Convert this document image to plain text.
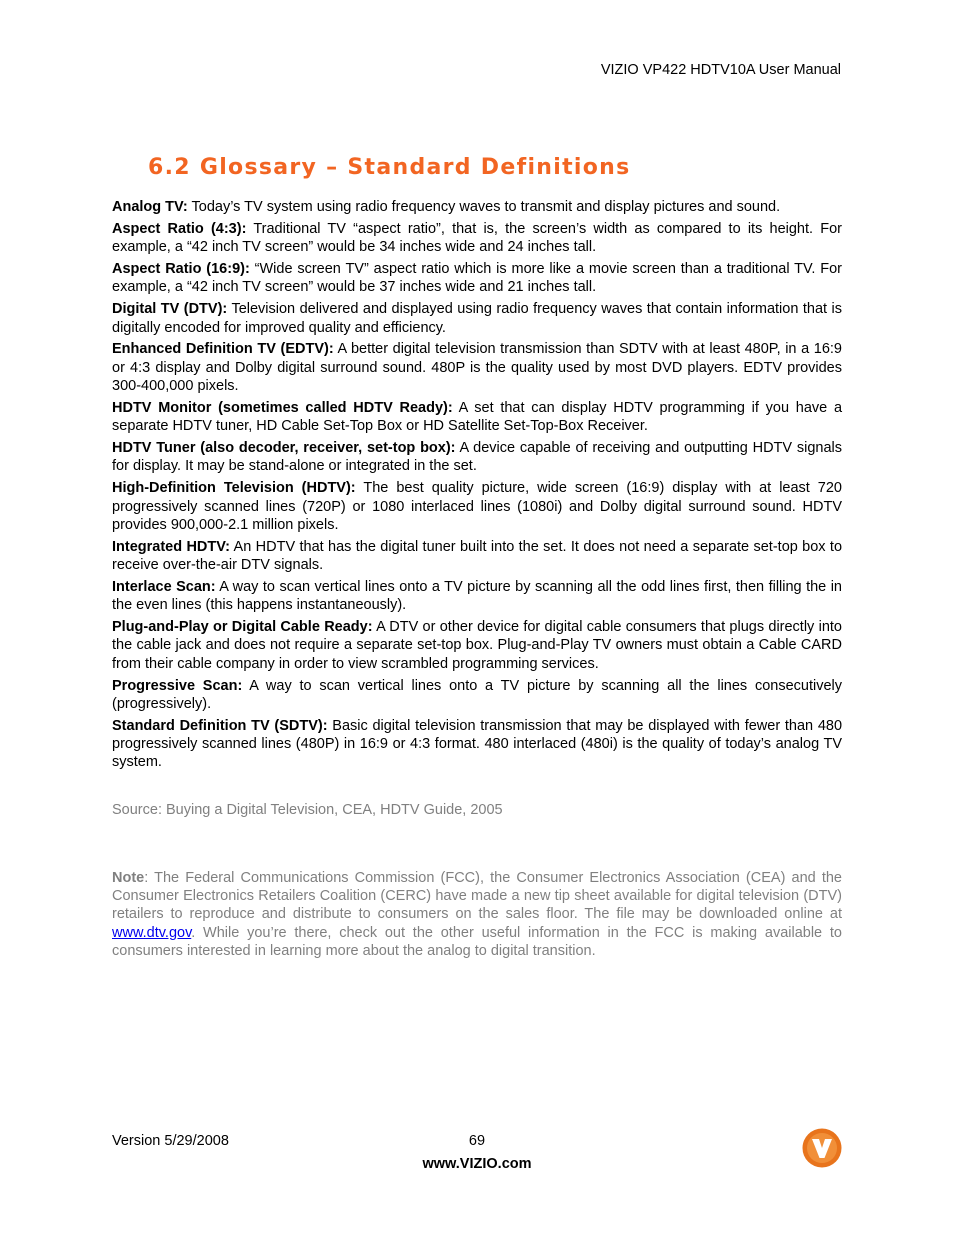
VIZIO VP422 HDTV10A User Manual
6.2 Glossary – Standard Definitions

Analog TV: Today’s TV system using radio frequency waves to transmit and display pictures and sound.

Aspect Ratio (4:3): Traditional TV “aspect ratio”, that is, the screen’s width as compared to its height. For example, a “42 inch TV screen” would be 34 inches wide and 24 inches tall.

Aspect Ratio (16:9): “Wide screen TV” aspect ratio which is more like a movie screen than a traditional TV. For example, a “42 inch TV screen” would be 37 inches wide and 21 inches tall.

Digital TV (DTV): Television delivered and displayed using radio frequency waves that contain information that is digitally encoded for improved quality and efficiency.

Enhanced Definition TV (EDTV): A better digital television transmission than SDTV with at least 480P, in a 16:9 or 4:3 display and Dolby digital surround sound. 480P is the quality used by most DVD players. EDTV provides 300-400,000 pixels.

HDTV Monitor (sometimes called HDTV Ready): A set that can display HDTV programming if you have a separate HDTV tuner, HD Cable Set-Top Box or HD Satellite Set-Top-Box Receiver.

HDTV Tuner (also decoder, receiver, set-top box): A device capable of receiving and outputting HDTV signals for display. It may be stand-alone or integrated in the set.

High-Definition Television (HDTV): The best quality picture, wide screen (16:9) display with at least 720 progressively scanned lines (720P) or 1080 interlaced lines (1080i) and Dolby digital surround sound. HDTV provides 900,000-2.1 million pixels.

Integrated HDTV: An HDTV that has the digital tuner built into the set. It does not need a separate set-top box to receive over-the-air DTV signals.

Interlace Scan: A way to scan vertical lines onto a TV picture by scanning all the odd lines first, then filling the in the even lines (this happens instantaneously).

Plug-and-Play or Digital Cable Ready: A DTV or other device for digital cable consumers that plugs directly into the cable jack and does not require a separate set-top box. Plug-and-Play TV owners must obtain a Cable CARD from their cable company in order to view scrambled programming services.

Progressive Scan: A way to scan vertical lines onto a TV picture by scanning all the lines consecutively (progressively).

Standard Definition TV (SDTV): Basic digital television transmission that may be displayed with fewer than 480 progressively scanned lines (480P) in 16:9 or 4:3 format. 480 interlaced (480i) is the quality of today’s analog TV system.

Source: Buying a Digital Television, CEA, HDTV Guide, 2005

Note: The Federal Communications Commission (FCC), the Consumer Electronics Association (CEA) and the Consumer Electronics Retailers Coalition (CERC) have made a new tip sheet available for digital television (DTV) retailers to reproduce and distribute to consumers on the sales floor. The file may be downloaded online at www.dtv.gov. While you’re there, check out the other useful information in the FCC is making available to consumers interested in learning more about the analog to digital transition.

Version 5/29/2008	69
www.VIZIO.com
